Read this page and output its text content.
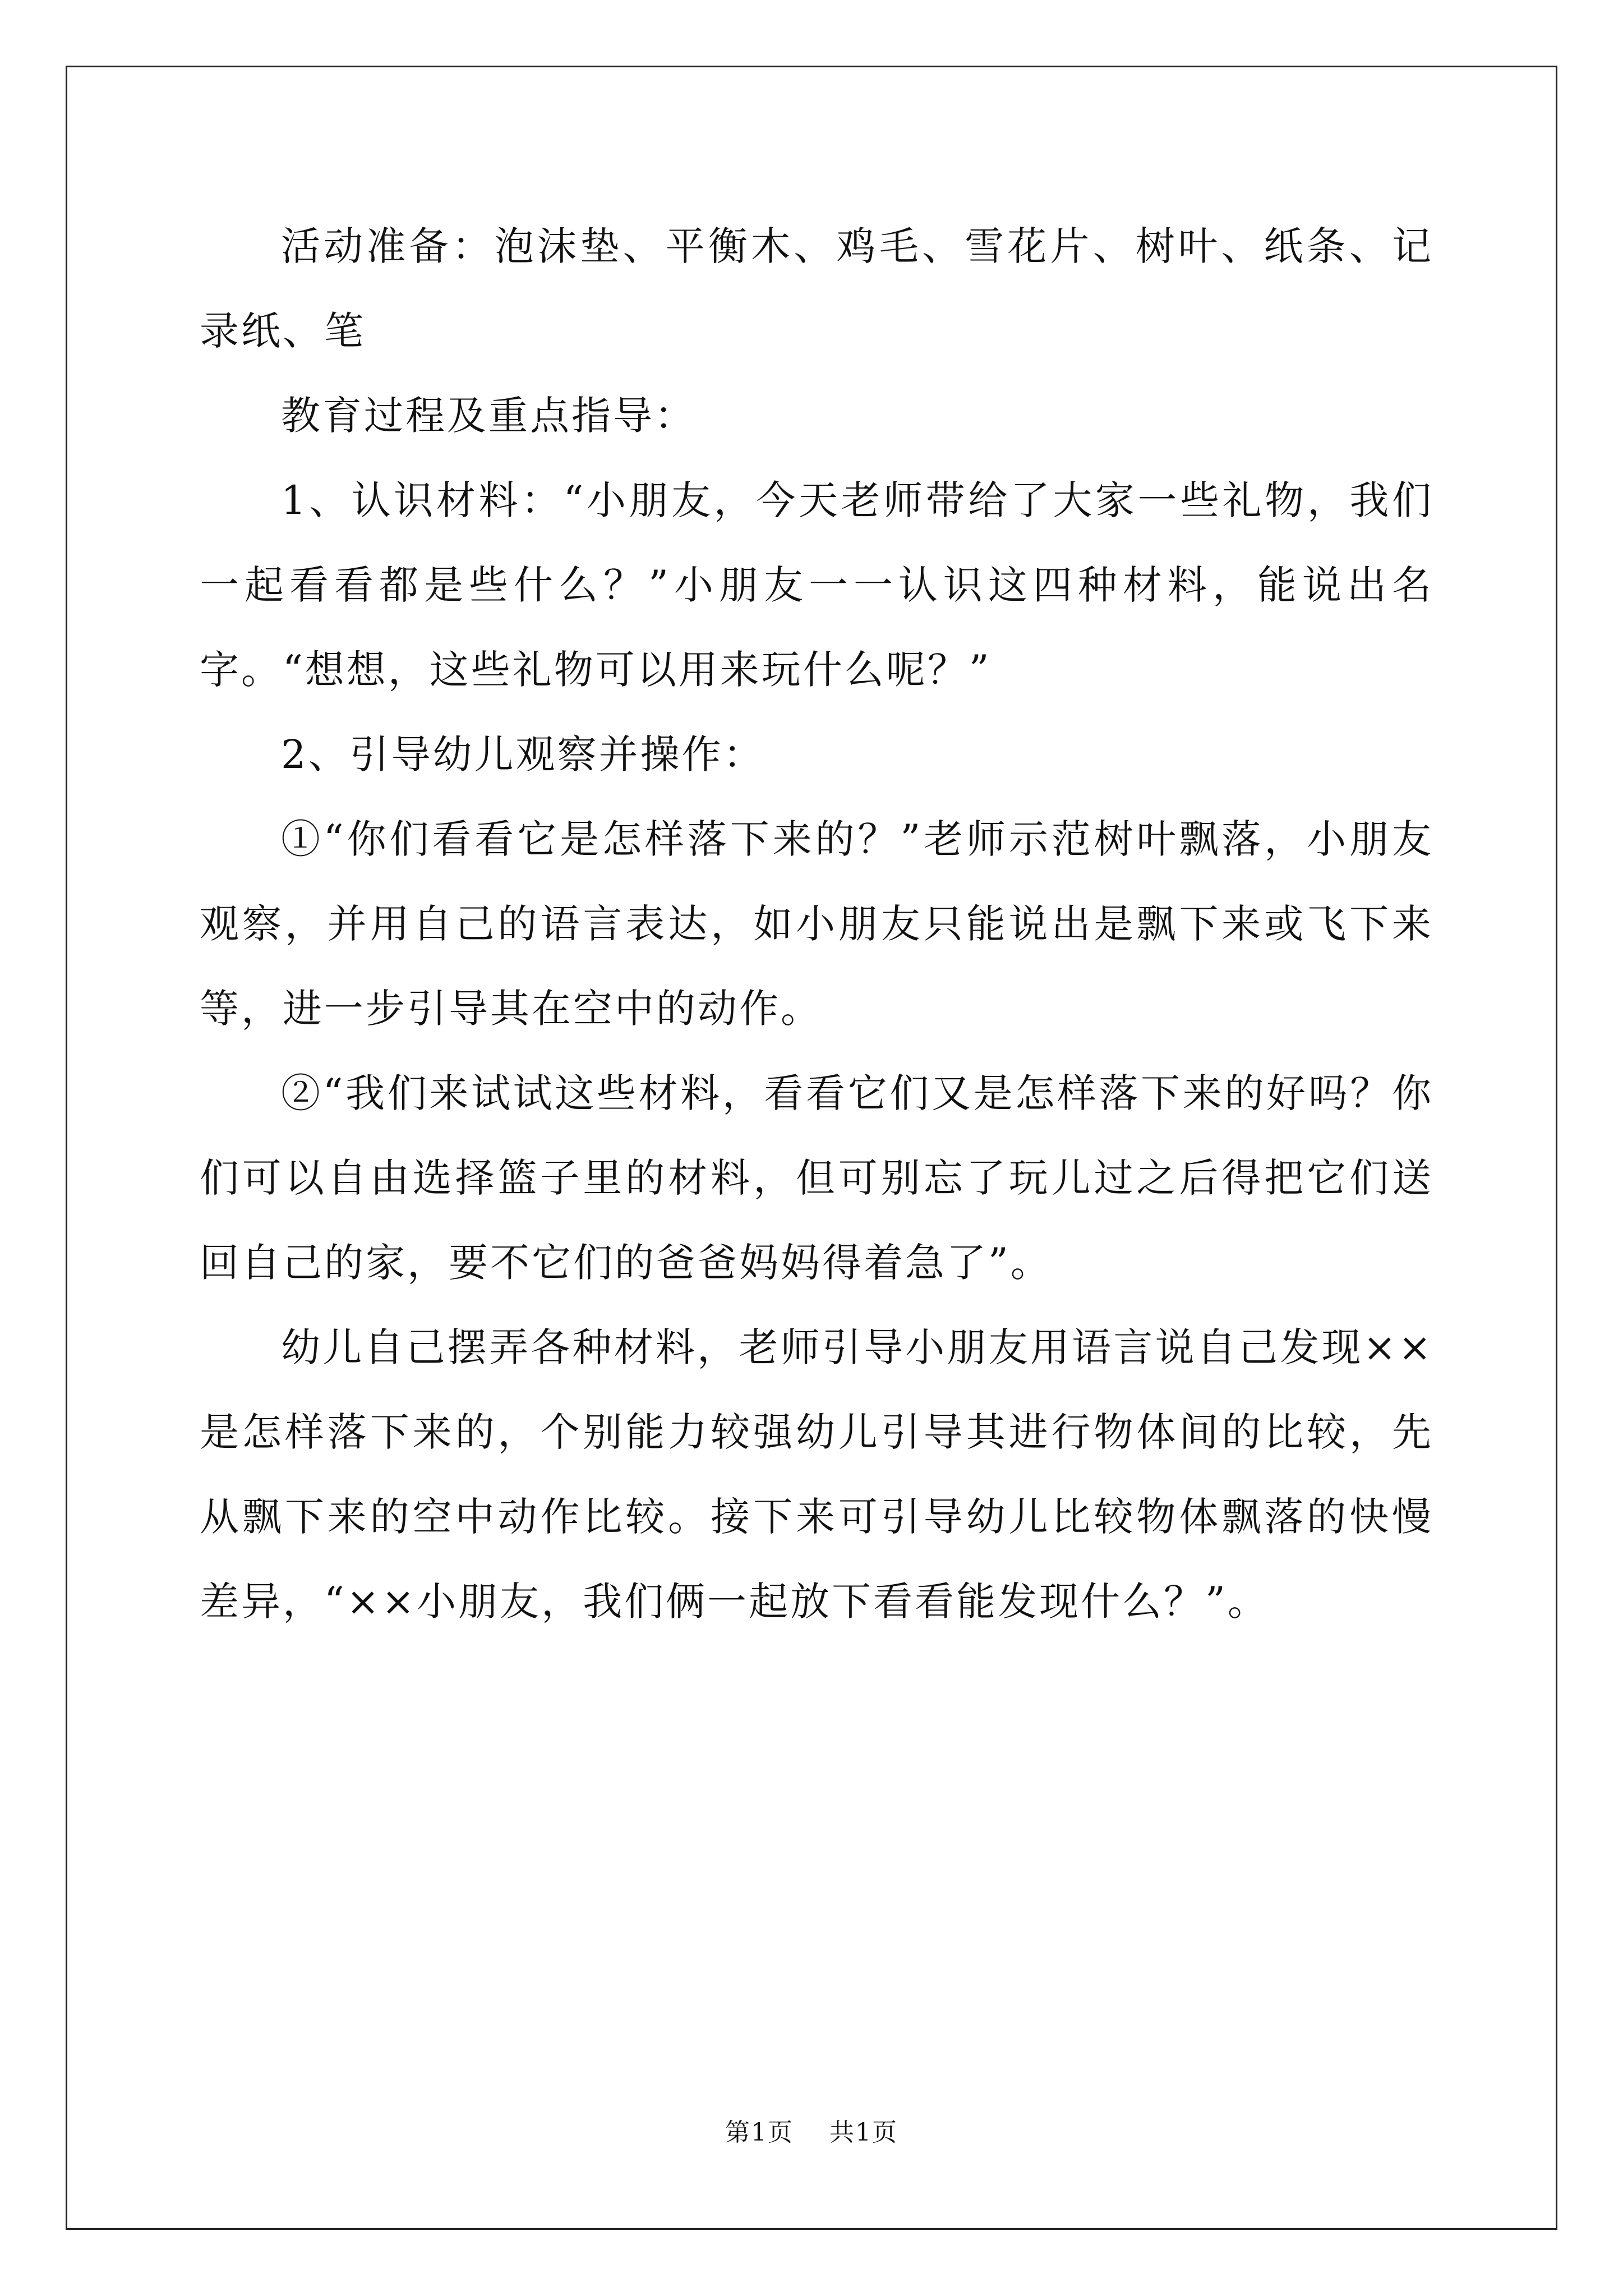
活动准备：泡沫垫、平衡木、鸡毛、雪花片、树叶、纸条、记录纸、笔

教育过程及重点指导：

1、认识材料：“小朋友，今天老师带给了大家一些礼物，我们一起看看都是些什么？”小朋友一一认识这四种材料，能说出名字。“想想，这些礼物可以用来玩什么呢？”

2、引导幼儿观察并操作：

①“你们看看它是怎样落下来的？”老师示范树叶飘落，小朋友观察，并用自己的语言表达，如小朋友只能说出是飘下来或飞下来等，进一步引导其在空中的动作。

②“我们来试试这些材料，看看它们又是怎样落下来的好吗？你们可以自由选择篮子里的材料，但可别忘了玩儿过之后得把它们送回自己的家，要不它们的爸爸妈妈得着急了”。

幼儿自己摆弄各种材料，老师引导小朋友用语言说自己发现××是怎样落下来的，个别能力较强幼儿引导其进行物体间的比较，先从飘下来的空中动作比较。接下来可引导幼儿比较物体飘落的快慢差异，“××小朋友，我们俩一起放下看看能发现什么？”。

第1页 共1页
